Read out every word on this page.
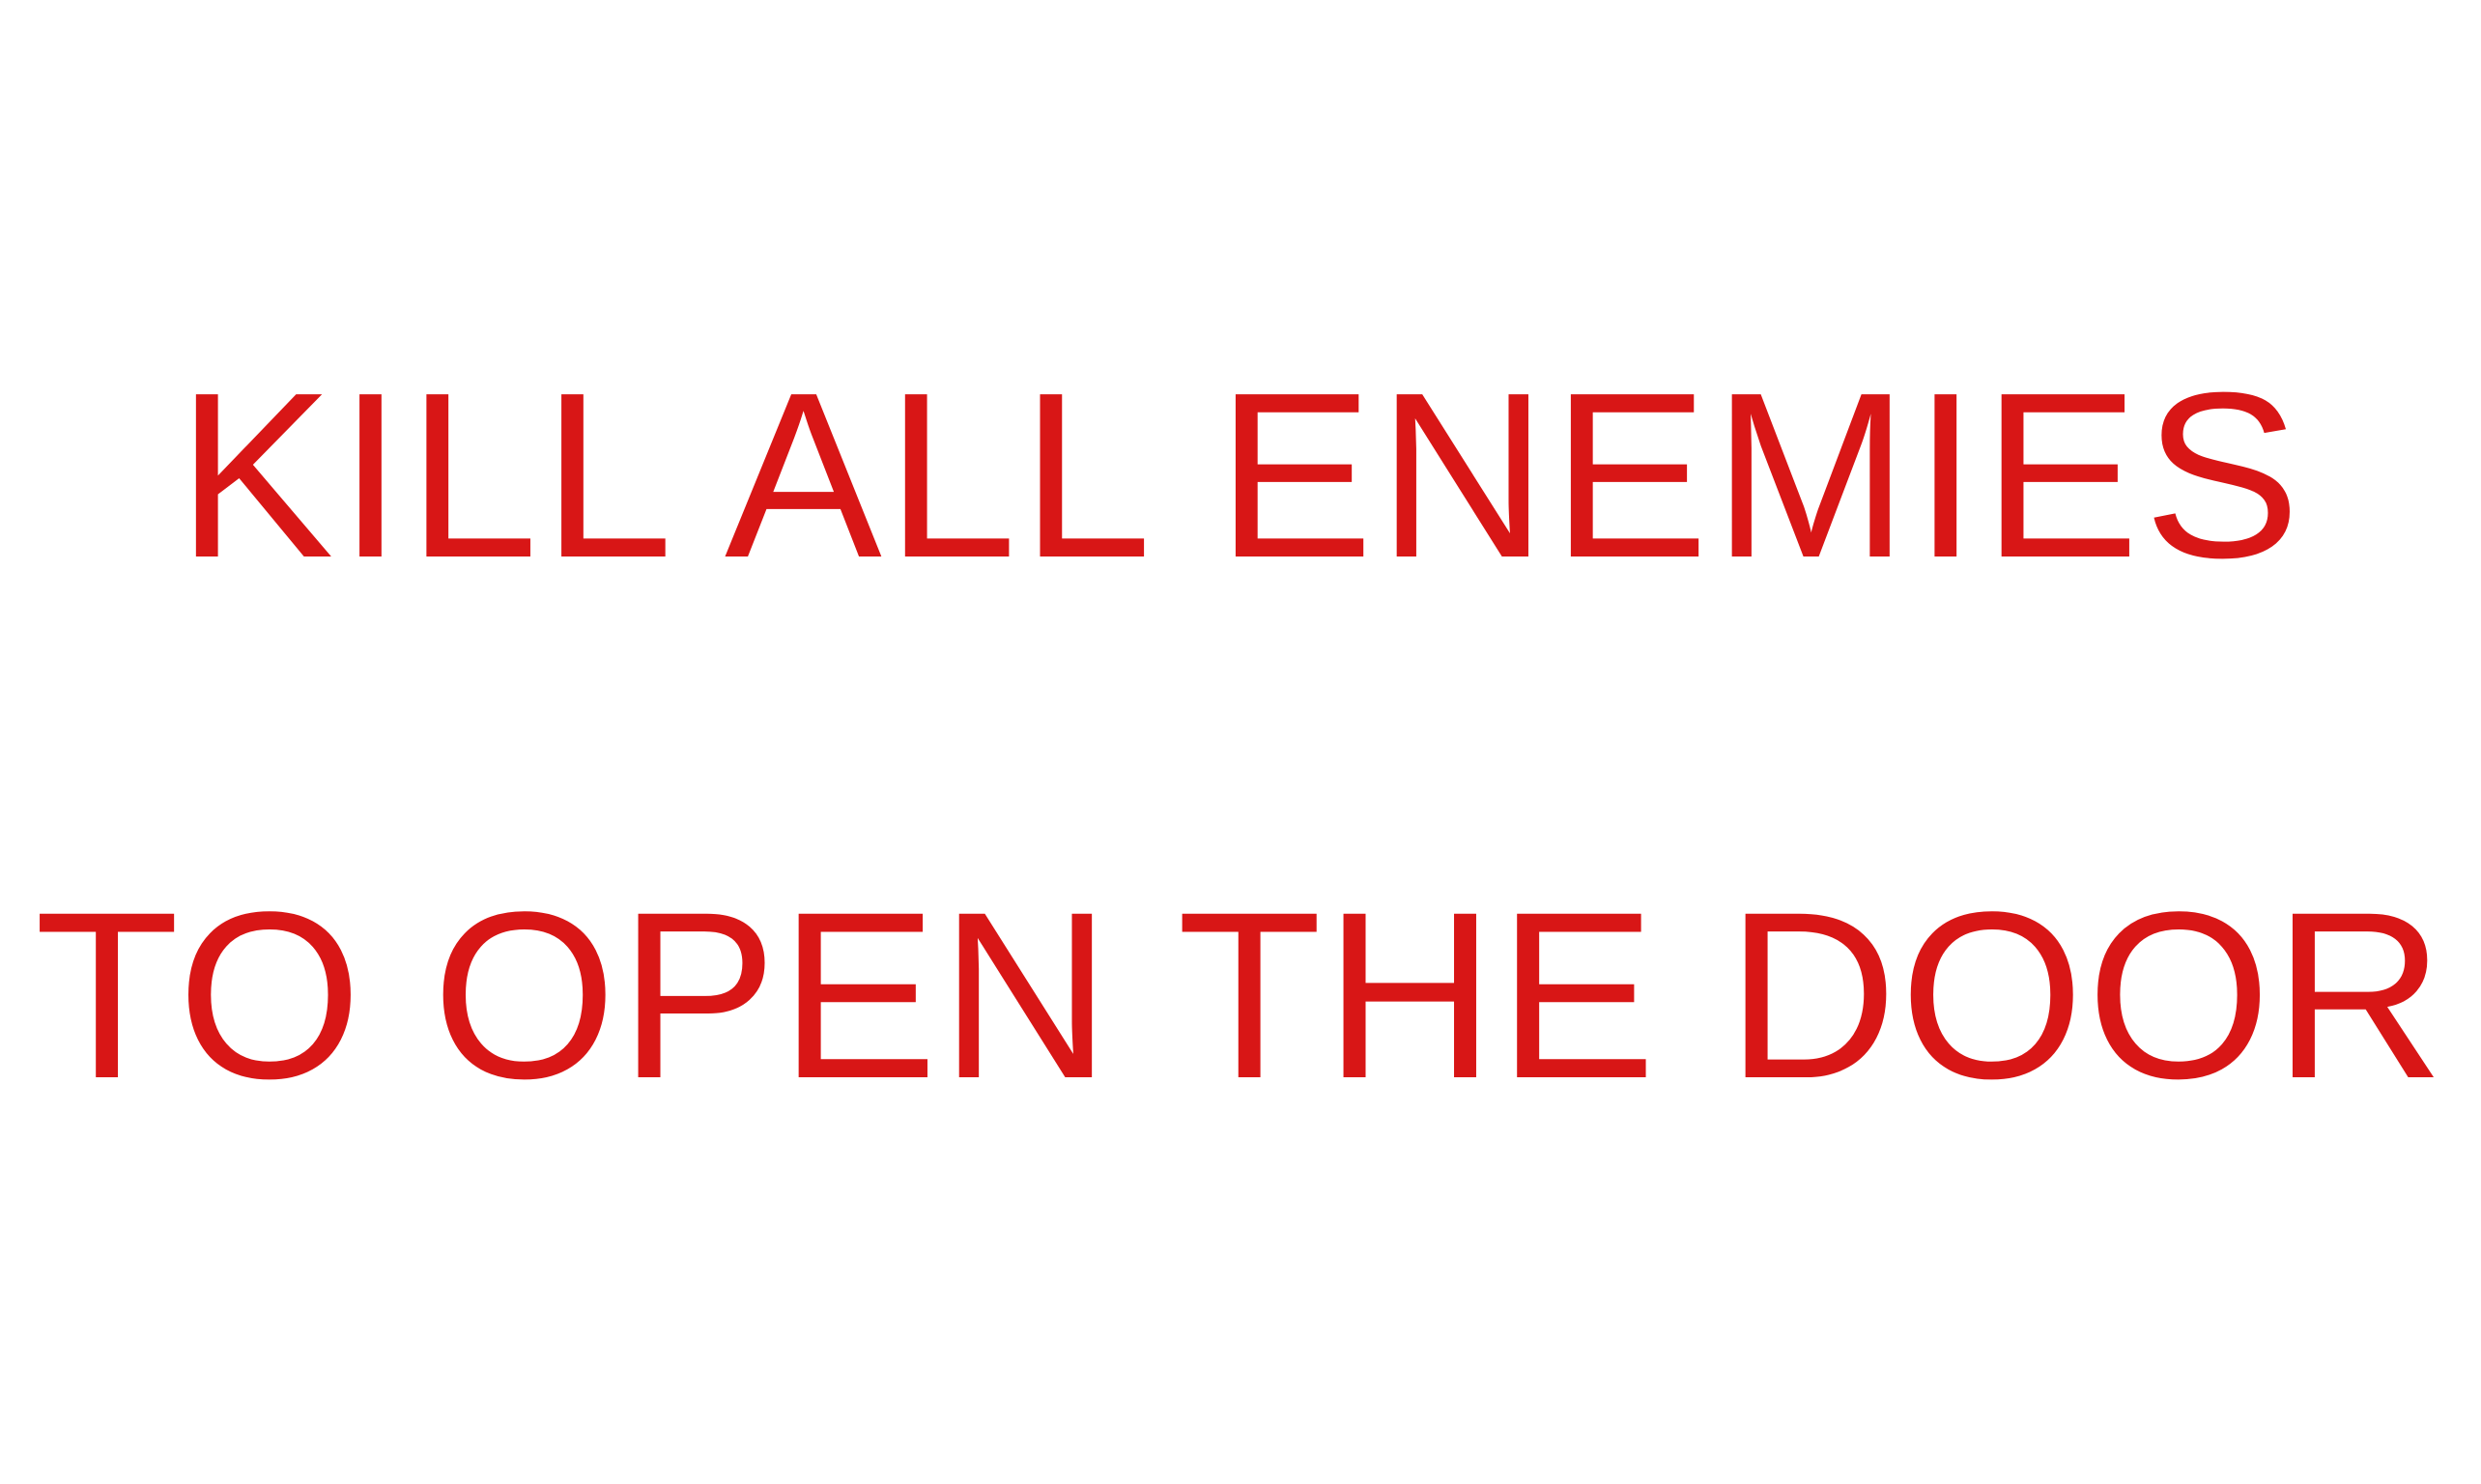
KILL ALL ENEMIES
TO OPEN THE DOOR
